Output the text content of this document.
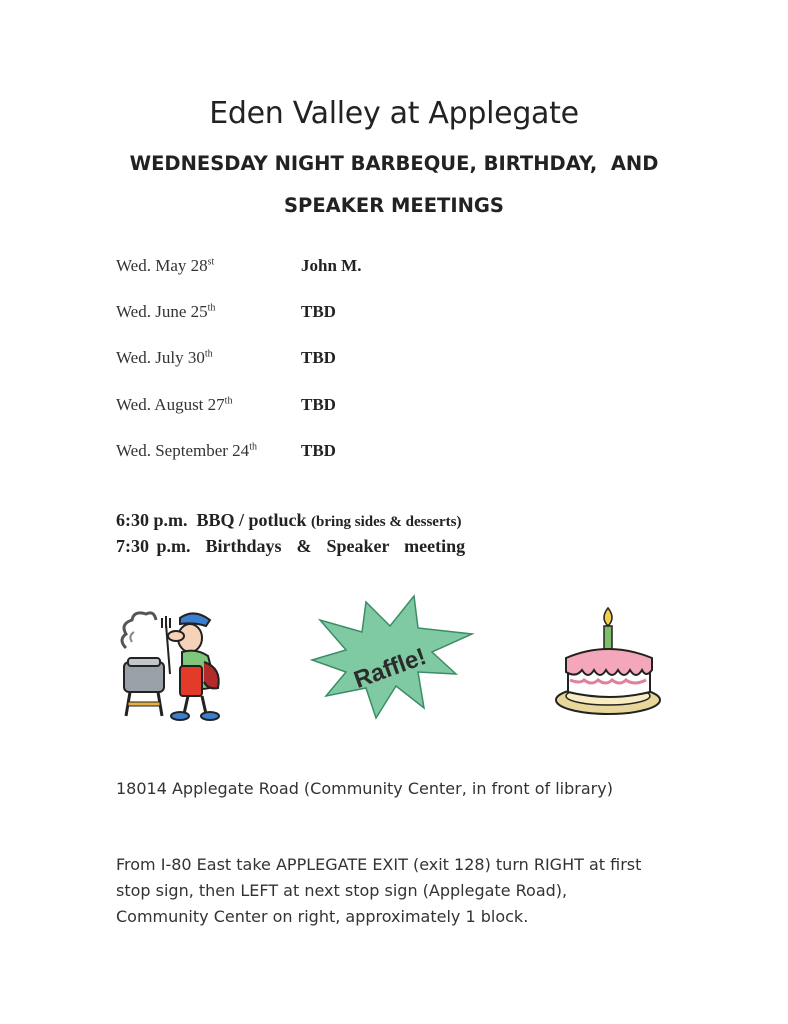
Eden Valley at Applegate
WEDNESDAY NIGHT BARBEQUE, BIRTHDAY,  AND
SPEAKER MEETINGS
Wed. May 28st	John M.
Wed. June 25th	TBD
Wed. July 30th	TBD
Wed. August 27th	TBD
Wed. September 24th	TBD

6:30 p.m.  BBQ / potluck (bring sides & desserts)

7:30 p.m.  Birthdays  &  Speaker  meeting

Raffle!

18014 Applegate Road (Community Center, in front of library)

From I-80 East take APPLEGATE EXIT (exit 128) turn RIGHT at first
stop sign, then LEFT at next stop sign (Applegate Road),
Community Center on right, approximately 1 block.
